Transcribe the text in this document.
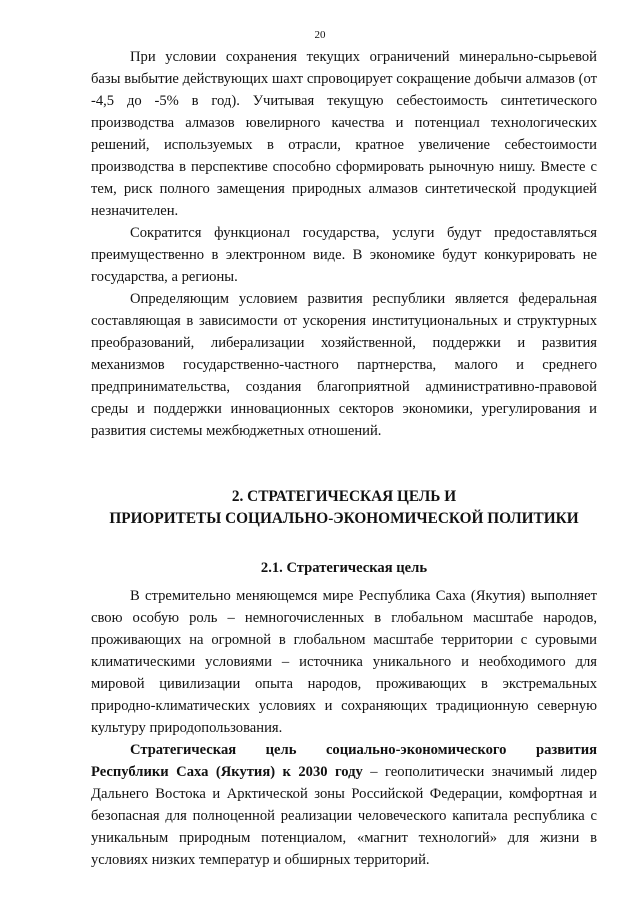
20

При условии сохранения текущих ограничений минерально-сырьевой базы выбытие действующих шахт спровоцирует сокращение добычи алмазов (от -4,5 до -5% в год). Учитывая текущую себестоимость синтетического производства алмазов ювелирного качества и потенциал технологических решений, используемых в отрасли, кратное увеличение себестоимости производства в перспективе способно сформировать рыночную нишу. Вместе с тем, риск полного замещения природных алмазов синтетической продукцией незначителен.

Сократится функционал государства, услуги будут предоставляться преимущественно в электронном виде. В экономике будут конкурировать не государства, а регионы.

Определяющим условием развития республики является федеральная составляющая в зависимости от ускорения институциональных и структурных преобразований, либерализации хозяйственной, поддержки и развития механизмов государственно-частного партнерства, малого и среднего предпринимательства, создания благоприятной административно-правовой среды и поддержки инновационных секторов экономики, урегулирования и развития системы межбюджетных отношений.

2. СТРАТЕГИЧЕСКАЯ ЦЕЛЬ И
ПРИОРИТЕТЫ СОЦИАЛЬНО-ЭКОНОМИЧЕСКОЙ ПОЛИТИКИ
2.1. Стратегическая цель

В стремительно меняющемся мире Республика Саха (Якутия) выполняет свою особую роль – немногочисленных в глобальном масштабе народов, проживающих на огромной в глобальном масштабе территории с суровыми климатическими условиями – источника уникального и необходимого для мировой цивилизации опыта народов, проживающих в экстремальных природно-климатических условиях и сохраняющих традиционную северную культуру природопользования.

Стратегическая цель социально-экономического развития Республики Саха (Якутия) к 2030 году – геополитически значимый лидер Дальнего Востока и Арктической зоны Российской Федерации, комфортная и безопасная для полноценной реализации человеческого капитала республика с уникальным природным потенциалом, «магнит технологий» для жизни в условиях низких температур и обширных территорий.
